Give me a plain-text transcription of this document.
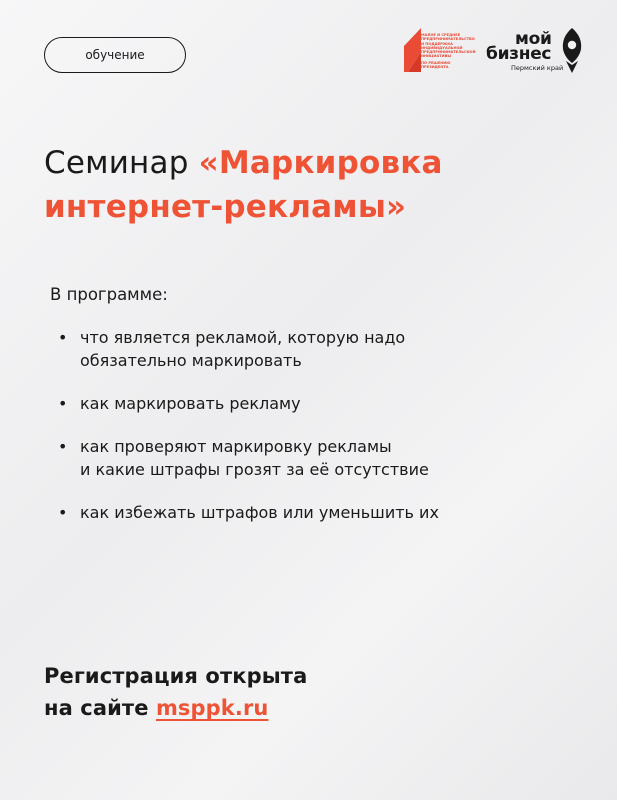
обучение
МАЛОЕ И СРЕДНЕЕ
ПРЕДПРИНИМАТЕЛЬСТВО
И ПОДДЕРЖКА
ИНДИВИДУАЛЬНОЙ
ПРЕДПРИНИМАТЕЛЬСКОЙ
ИНИЦИАТИВЫ
ПО РЕШЕНИЮ ПРЕЗИДЕНТА
мой
бизнес
Пермский край
Семинар «Маркировка интернет-рекламы»

В программе:

• что является рекламой, которую надо
обязательно маркировать
• как маркировать рекламу
• как проверяют маркировку рекламы
и какие штрафы грозят за её отсутствие
• как избежать штрафов или уменьшить их
Регистрация открыта
на сайте msppk.ru
